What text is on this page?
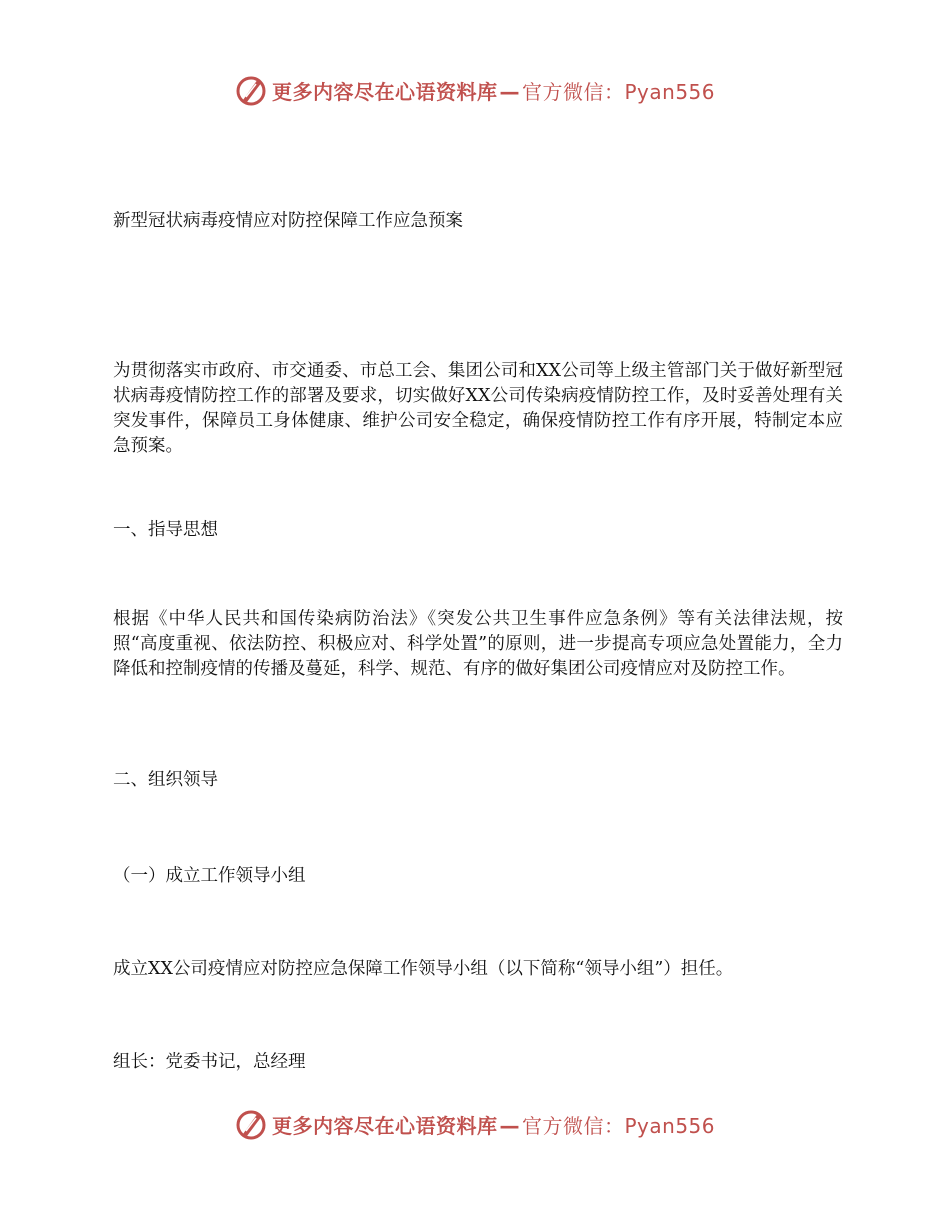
更多内容尽在心语资料库 — 官方微信：Pyan556

新型冠状病毒疫情应对防控保障工作应急预案

为贯彻落实市政府、市交通委、市总工会、集团公司和XX公司等上级主管部门关于做好新型冠状病毒疫情防控工作的部署及要求，切实做好XX公司传染病疫情防控工作，及时妥善处理有关突发事件，保障员工身体健康、维护公司安全稳定，确保疫情防控工作有序开展，特制定本应急预案。

一、指导思想

根据《中华人民共和国传染病防治法》《突发公共卫生事件应急条例》等有关法律法规，按照“高度重视、依法防控、积极应对、科学处置”的原则，进一步提高专项应急处置能力，全力降低和控制疫情的传播及蔓延，科学、规范、有序的做好集团公司疫情应对及防控工作。

二、组织领导

（一）成立工作领导小组

成立XX公司疫情应对防控应急保障工作领导小组（以下简称“领导小组”）担任。

组长：党委书记，总经理

更多内容尽在心语资料库 — 官方微信：Pyan556
